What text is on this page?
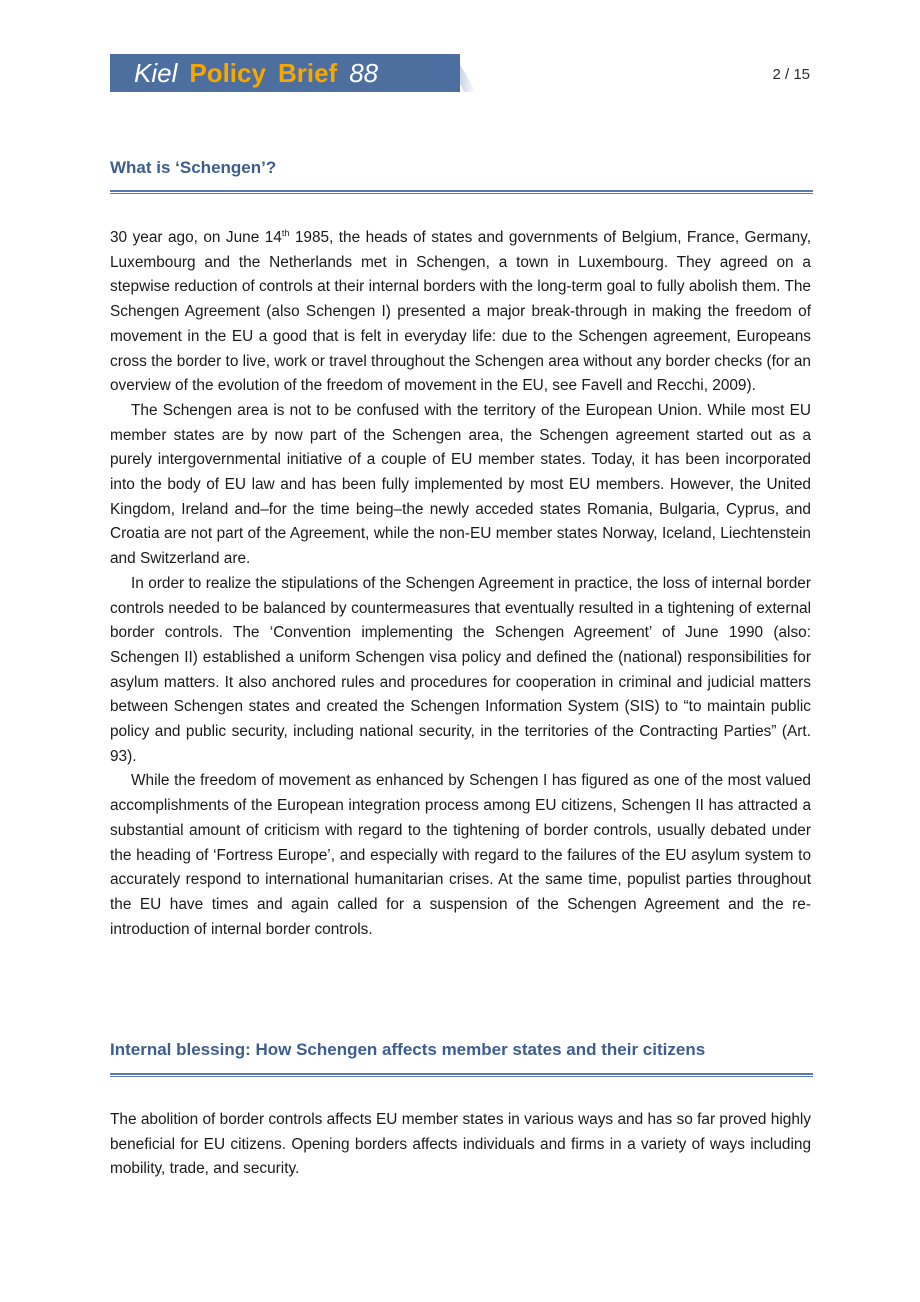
Kiel Policy Brief 88	2 / 15
What is ‘Schengen’?

30 year ago, on June 14th 1985, the heads of states and governments of Belgium, France, Germany, Luxembourg and the Netherlands met in Schengen, a town in Luxembourg. They agreed on a stepwise reduction of controls at their internal borders with the long-term goal to fully abolish them. The Schengen Agreement (also Schengen I) presented a major break-through in making the freedom of movement in the EU a good that is felt in everyday life: due to the Schengen agreement, Europeans cross the border to live, work or travel throughout the Schengen area without any border checks (for an overview of the evolution of the freedom of movement in the EU, see Favell and Recchi, 2009).

The Schengen area is not to be confused with the territory of the European Union. While most EU member states are by now part of the Schengen area, the Schengen agreement started out as a purely intergovernmental initiative of a couple of EU member states. Today, it has been incorporated into the body of EU law and has been fully implemented by most EU members. However, the United Kingdom, Ireland and–for the time being–the newly acceded states Romania, Bulgaria, Cyprus, and Croatia are not part of the Agreement, while the non-EU member states Norway, Iceland, Liechtenstein and Switzerland are.

In order to realize the stipulations of the Schengen Agreement in practice, the loss of internal border controls needed to be balanced by countermeasures that eventually resulted in a tightening of external border controls. The ‘Convention implementing the Schengen Agreement’ of June 1990 (also: Schengen II) established a uniform Schengen visa policy and defined the (national) responsibilities for asylum matters. It also anchored rules and procedures for cooperation in criminal and judicial matters between Schengen states and created the Schengen Information System (SIS) to “to maintain public policy and public security, including national security, in the territories of the Contracting Parties” (Art. 93).

While the freedom of movement as enhanced by Schengen I has figured as one of the most valued accomplishments of the European integration process among EU citizens, Schengen II has attracted a substantial amount of criticism with regard to the tightening of border controls, usually debated under the heading of ‘Fortress Europe’, and especially with regard to the failures of the EU asylum system to accurately respond to international humanitarian crises. At the same time, populist parties throughout the EU have times and again called for a suspension of the Schengen Agreement and the re-introduction of internal border controls.

Internal blessing: How Schengen affects member states and their citizens

The abolition of border controls affects EU member states in various ways and has so far proved highly beneficial for EU citizens. Opening borders affects individuals and firms in a variety of ways including mobility, trade, and security.
